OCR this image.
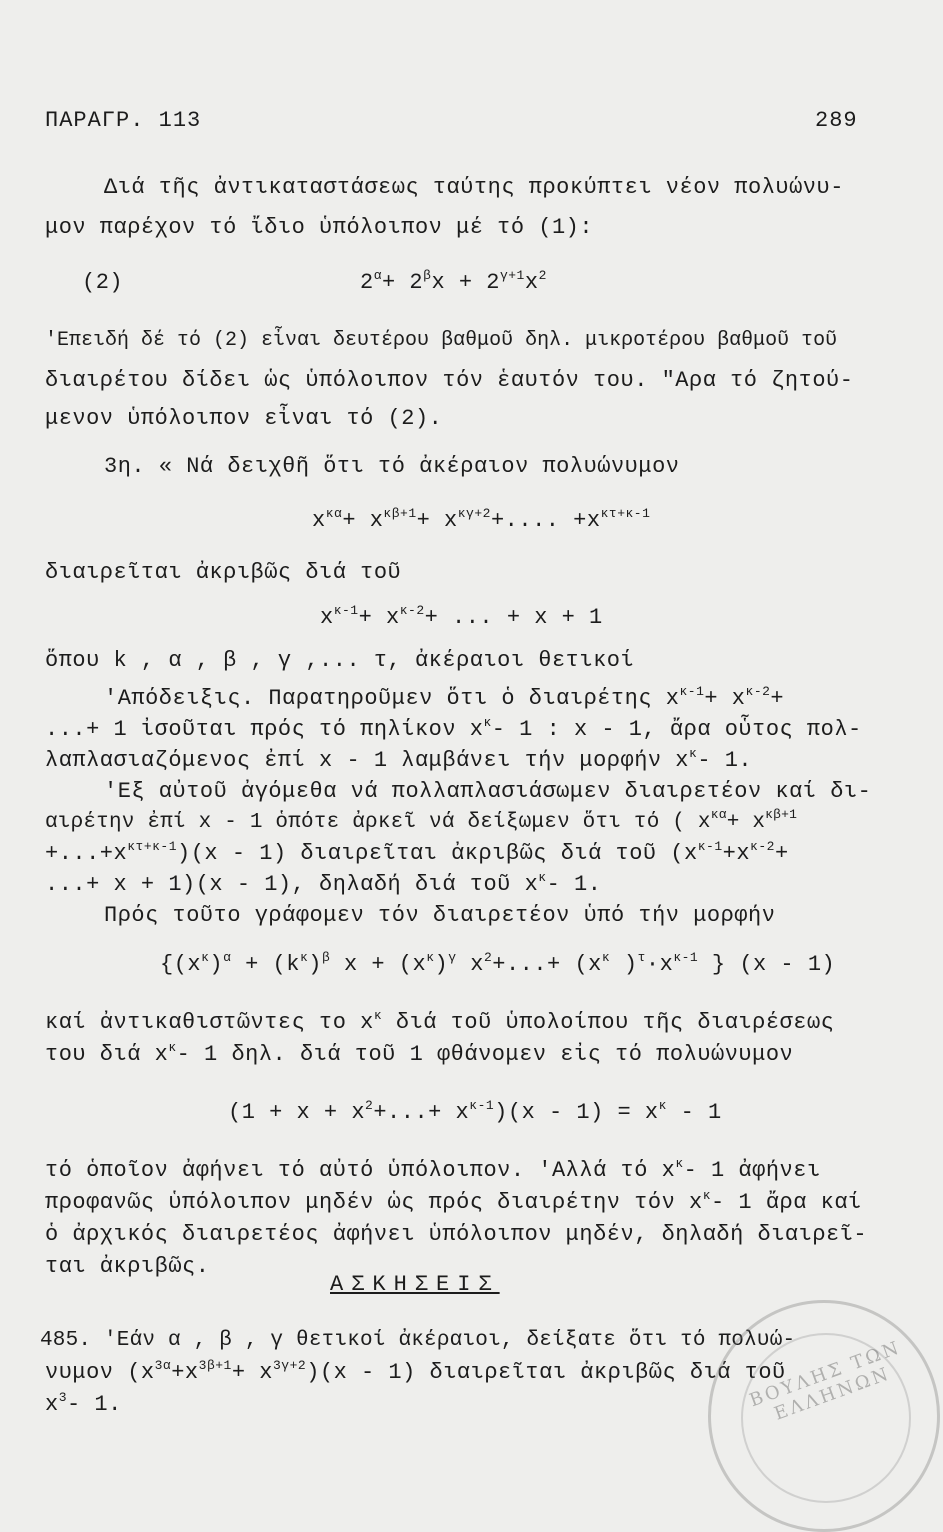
ΠΑΡΑΓΡ. 113	289
Διά τῆς ἀντικαταστάσεως ταύτης προκύπτει νέον πολυώνυ-
μον παρέχον τό ἴδιο ὑπόλοιπον μέ τό (1):
(2)	$2^\alpha+ 2^\beta x + 2^{\gamma+1}x^2$
'Επειδή δέ τό (2) εἶναι δευτέρου βαθμοῦ δηλ. μικροτέρου βαθμοῦ τοῦ
διαιρέτου δίδει ὡς ὑπόλοιπον τόν ἑαυτόν του. "Αρα τό ζητού-
μενον ὑπόλοιπον εἶναι τό (2).
3η. « Νά δειχθῆ ὅτι τό ἀκέραιον πολυώνυμον
$x^{\kappa\alpha}+ x^{\kappa\beta+1}+ x^{\kappa\gamma+2}+$.... $+x^{\kappa\tau+\kappa-1}$
διαιρεῖται ἀκριβῶς διά τοῦ
$x^{\kappa-1}+ x^{\kappa-2}+$ ... + x + 1
ὅπου k , α , β , γ ,... τ, ἀκέραιοι θετικοί
'Απόδειξις. Παρατηροῦμεν ὅτι ὁ διαιρέτης $x^{\kappa-1}+ x^{\kappa-2}+$
...+ 1 ἰσοῦται πρός τό πηλίκον $x^\kappa-$ 1 : x - 1, ἄρα οὗτος πολ-
λαπλασιαζόμενος ἐπί x - 1 λαμβάνει τήν μορφήν $x^\kappa-$ 1.
'Εξ αὐτοῦ ἀγόμεθα νά πολλαπλασιάσωμεν διαιρετέον καί δι-
αιρέτην ἐπί x - 1 ὁπότε ἀρκεῖ νά δείξωμεν ὅτι τό ( $x^{\kappa\alpha}+ x^{\kappa\beta+1}$
$+...+x^{\kappa\tau+\kappa-1})(x - 1)$ διαιρεῖται ἀκριβῶς διά τοῦ ($x^{\kappa-1}+x^{\kappa-2}+$
...+ x + 1)(x - 1), δηλαδή διά τοῦ $x^\kappa-$ 1.
Πρός τοῦτο γράφομεν τόν διαιρετέον ὑπό τήν μορφήν
{$(x^\kappa)^\alpha + (k^\kappa)^\beta$ $x + (x^\kappa)^\gamma$ $x^2+...+ (x^\kappa$ )$^\tau\cdot x^{\kappa-1}$ } (x - 1)
καί ἀντικαθιστῶντες το $x^\kappa$ διά τοῦ ὑπολοίπου τῆς διαιρέσεως
του διά $x^\kappa-$ 1 δηλ. διά τοῦ 1 φθάνομεν εἰς τό πολυώνυμον
$(1 + x + x^2+...+ x^{\kappa-1})(x - 1) = x^\kappa - 1$
τό ὁποῖον ἀφήνει τό αὐτό ὑπόλοιπον. 'Αλλά τό $x^\kappa-$ 1 ἀφήνει
προφανῶς ὑπόλοιπον μηδέν ὡς πρός διαιρέτην τόν $x^\kappa-$ 1 ἄρα καί
ὁ ἀρχικός διαιρετέος ἀφήνει ὑπόλοιπον μηδέν, δηλαδή διαιρεῖ-
ται ἀκριβῶς.
ΑΣΚΗΣΕΙΣ
485. 'Εάν α , β , γ θετικοί ἀκέραιοι, δείξατε ὅτι τό πολυώ-
νυμον $(x^{3\alpha}+x^{3\beta+1}+ x^{3\gamma+2})(x - 1)$ διαιρεῖται ἀκριβῶς διά τοῦ
$x^3-$ 1.	ΒΟΥΛΗΣ ΤΩΝ ΕΛΛΗΝΩΝ
